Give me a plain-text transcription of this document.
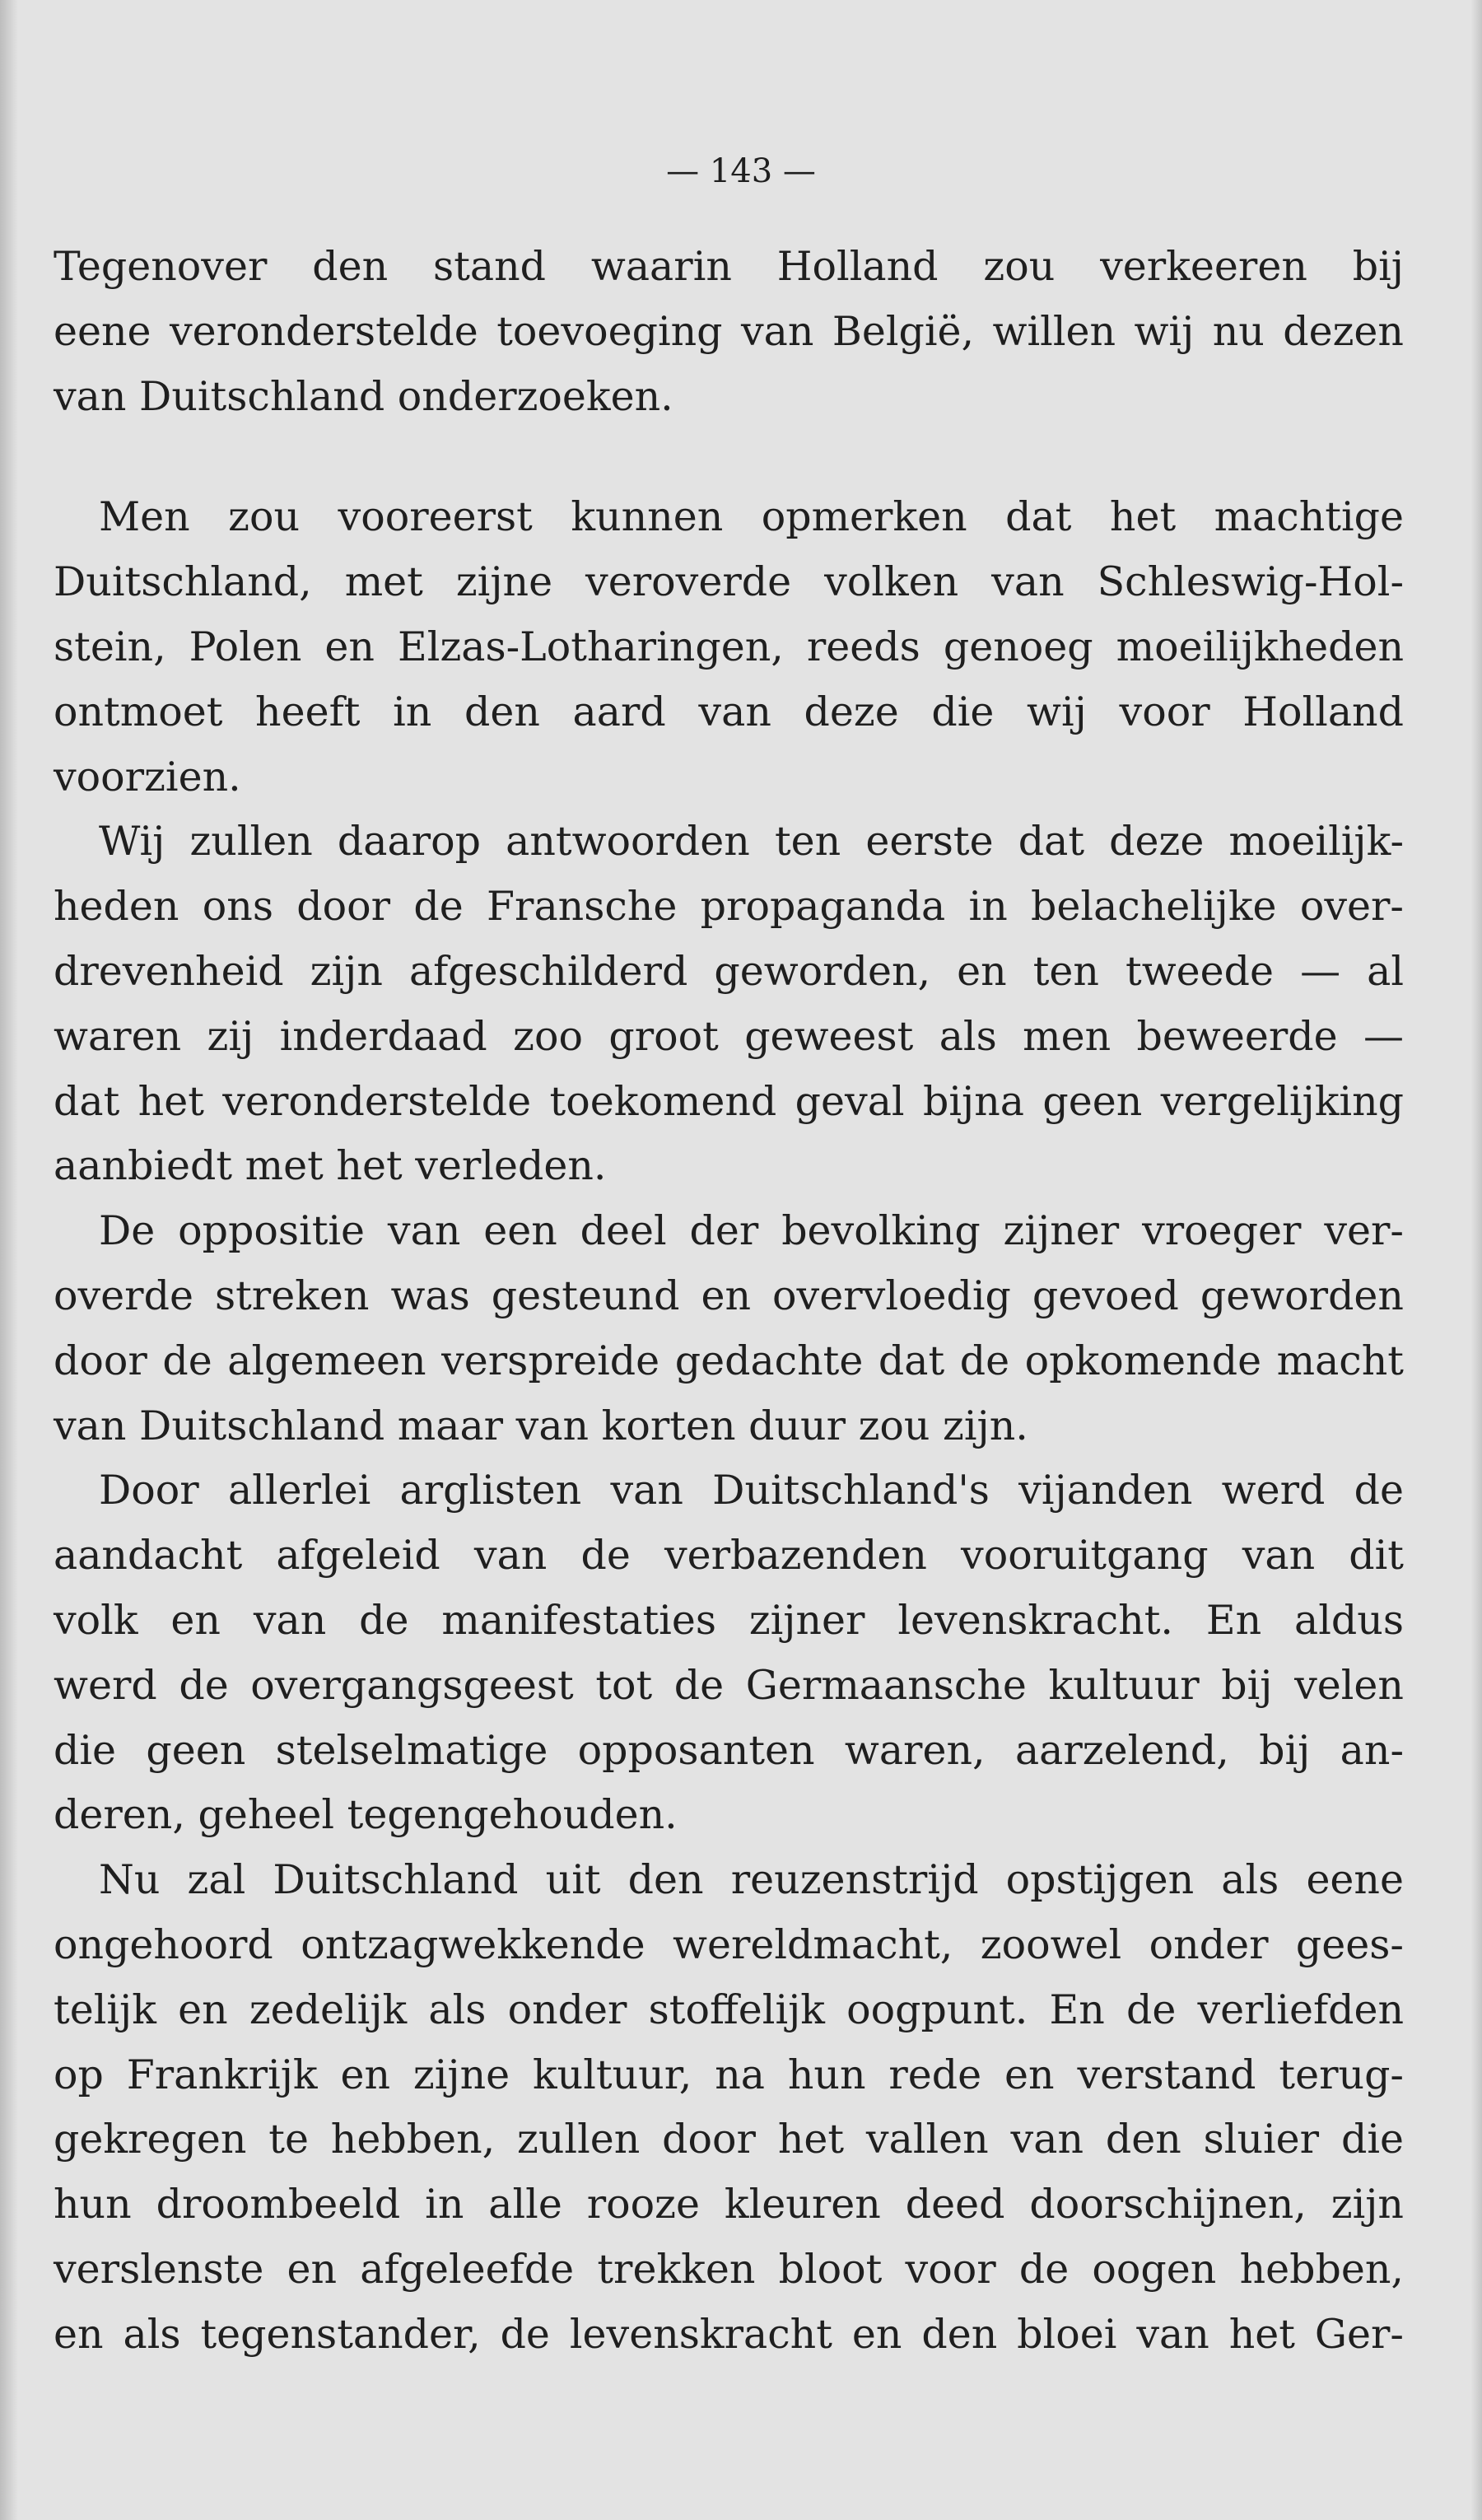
— 143 —

Tegenover den stand waarin Holland zou verkeeren bij
eene veronderstelde toevoeging van België, willen wij nu dezen
van Duitschland onderzoeken.

Men zou vooreerst kunnen opmerken dat het machtige
Duitschland, met zijne veroverde volken van Schleswig-Hol-
stein, Polen en Elzas-Lotharingen, reeds genoeg moeilijkheden
ontmoet heeft in den aard van deze die wij voor Holland
voorzien.

Wij zullen daarop antwoorden ten eerste dat deze moeilijk-
heden ons door de Fransche propaganda in belachelijke over-
drevenheid zijn afgeschilderd geworden, en ten tweede — al
waren zij inderdaad zoo groot geweest als men beweerde —
dat het veronderstelde toekomend geval bijna geen vergelijking
aanbiedt met het verleden.

De oppositie van een deel der bevolking zijner vroeger ver-
overde streken was gesteund en overvloedig gevoed geworden
door de algemeen verspreide gedachte dat de opkomende macht
van Duitschland maar van korten duur zou zijn.

Door allerlei arglisten van Duitschland's vijanden werd de
aandacht afgeleid van de verbazenden vooruitgang van dit
volk en van de manifestaties zijner levenskracht. En aldus
werd de overgangsgeest tot de Germaansche kultuur bij velen
die geen stelselmatige opposanten waren, aarzelend, bij an-
deren, geheel tegengehouden.

Nu zal Duitschland uit den reuzenstrijd opstijgen als eene
ongehoord ontzagwekkende wereldmacht, zoowel onder gees-
telijk en zedelijk als onder stoffelijk oogpunt. En de verliefden
op Frankrijk en zijne kultuur, na hun rede en verstand terug-
gekregen te hebben, zullen door het vallen van den sluier die
hun droombeeld in alle rooze kleuren deed doorschijnen, zijn
verslenste en afgeleefde trekken bloot voor de oogen hebben,
en als tegenstander, de levenskracht en den bloei van het Ger-
